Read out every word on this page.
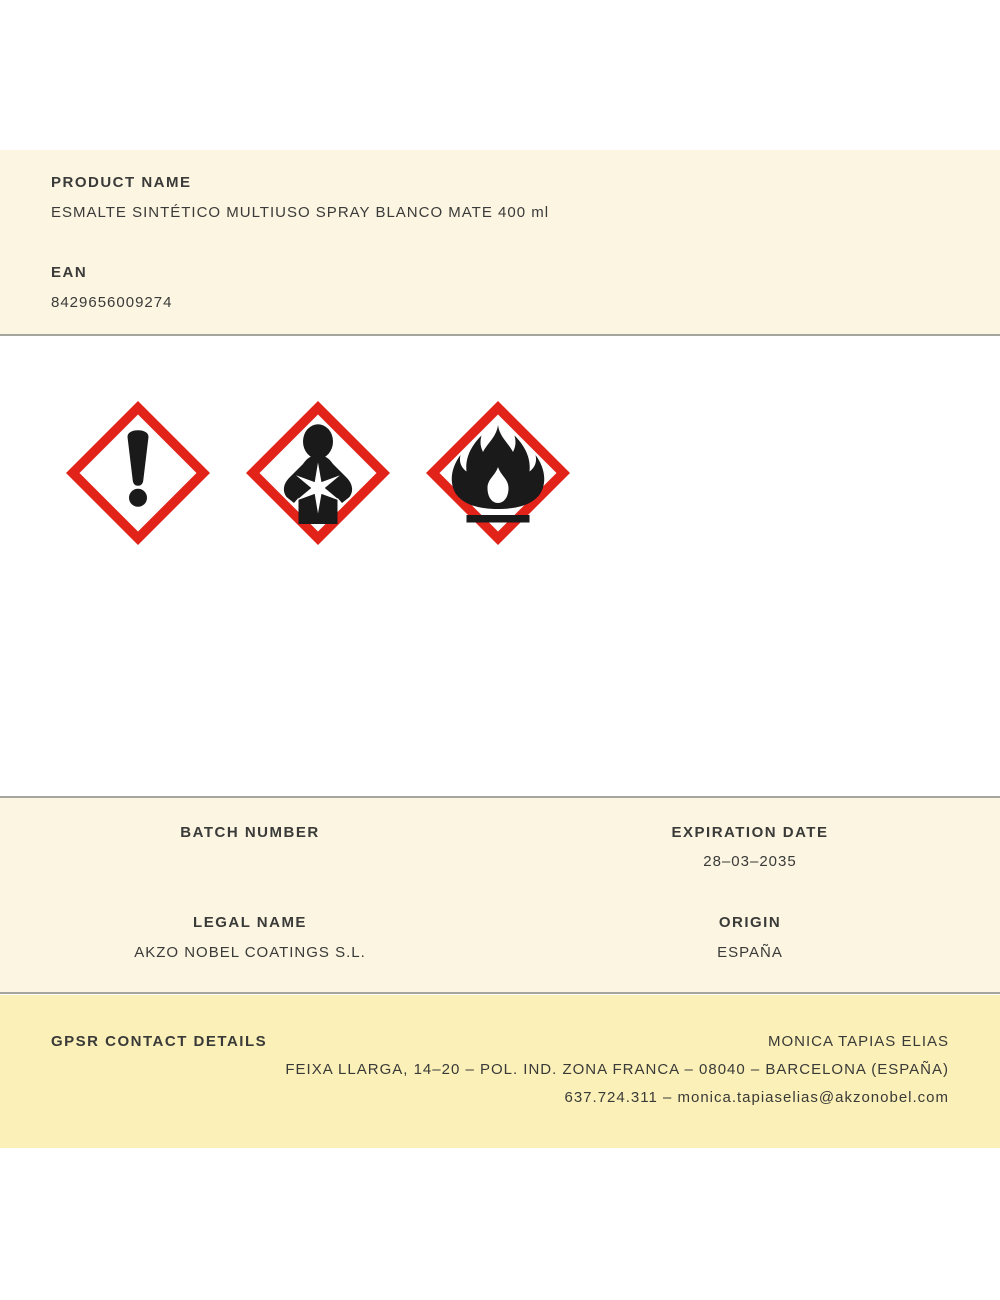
PRODUCT NAME
ESMALTE SINTÉTICO MULTIUSO SPRAY BLANCO MATE 400 ml
EAN
8429656009274
BATCH NUMBER	EXPIRATION DATE
28–03–2035
LEGAL NAME
AKZO NOBEL COATINGS S.L.
ORIGIN
ESPAÑA
GPSR CONTACT DETAILS	MONICA TAPIAS ELIAS
FEIXA LLARGA, 14–20 – POL. IND. ZONA FRANCA – 08040 – BARCELONA (ESPAÑA)
637.724.311 – monica.tapiaselias@akzonobel.com
